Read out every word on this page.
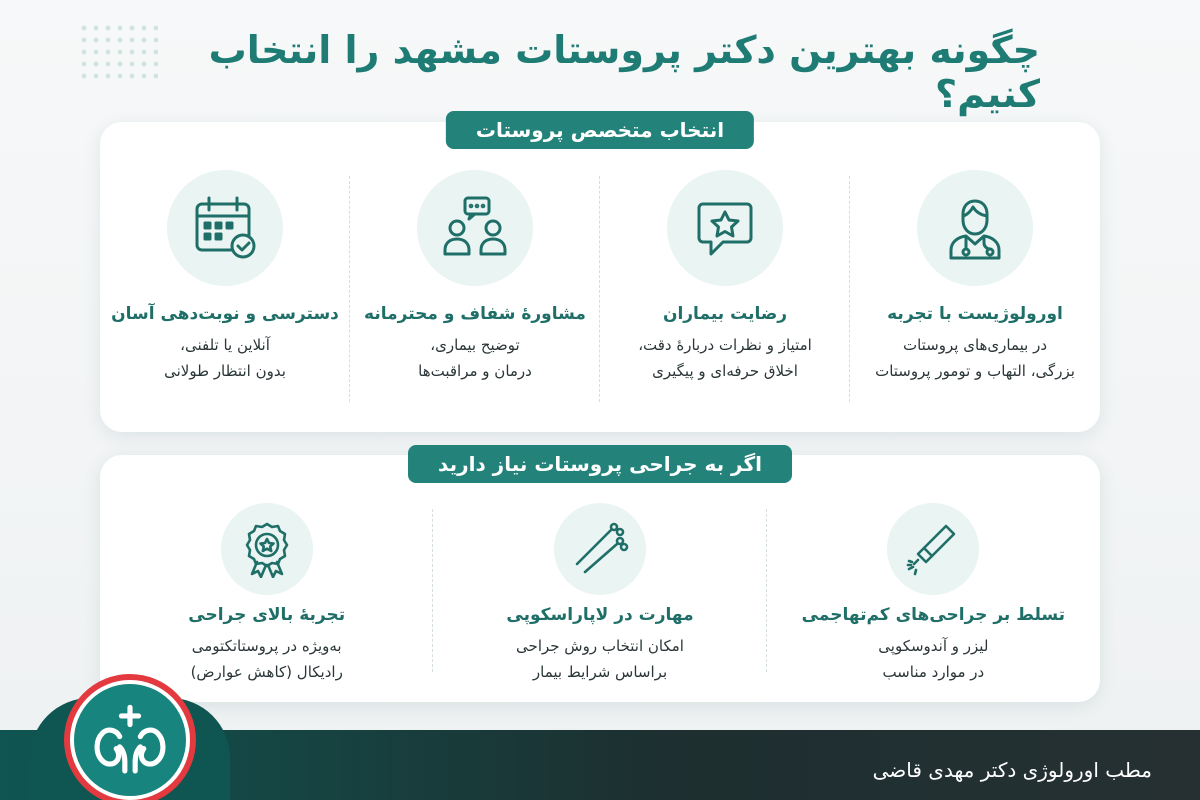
چگونه بهترین دکتر پروستات مشهد را انتخاب کنیم؟
انتخاب متخصص پروستات
اورولوژیست با تجربه
در بیماری‌های پروستات
بزرگی، التهاب و تومور پروستات
رضایت بیماران
امتیاز و نظرات دربارهٔ دقت،
اخلاق حرفه‌ای و پیگیری
مشاورهٔ شفاف و محترمانه
توضیح بیماری،
درمان و مراقبت‌ها
دسترسی و نوبت‌دهی آسان
آنلاین یا تلفنی،
بدون انتظار طولانی
اگر به جراحی پروستات نیاز دارید
تسلط بر جراحی‌های کم‌تهاجمی
لیزر و آندوسکوپی
در موارد مناسب
مهارت در لاپاراسکوپی
امکان انتخاب روش جراحی
براساس شرایط بیمار
تجربهٔ بالای جراحی
به‌ویژه در پروستاتکتومی
رادیکال (کاهش عوارض)
مطب اورولوژی دکتر مهدی قاضی
